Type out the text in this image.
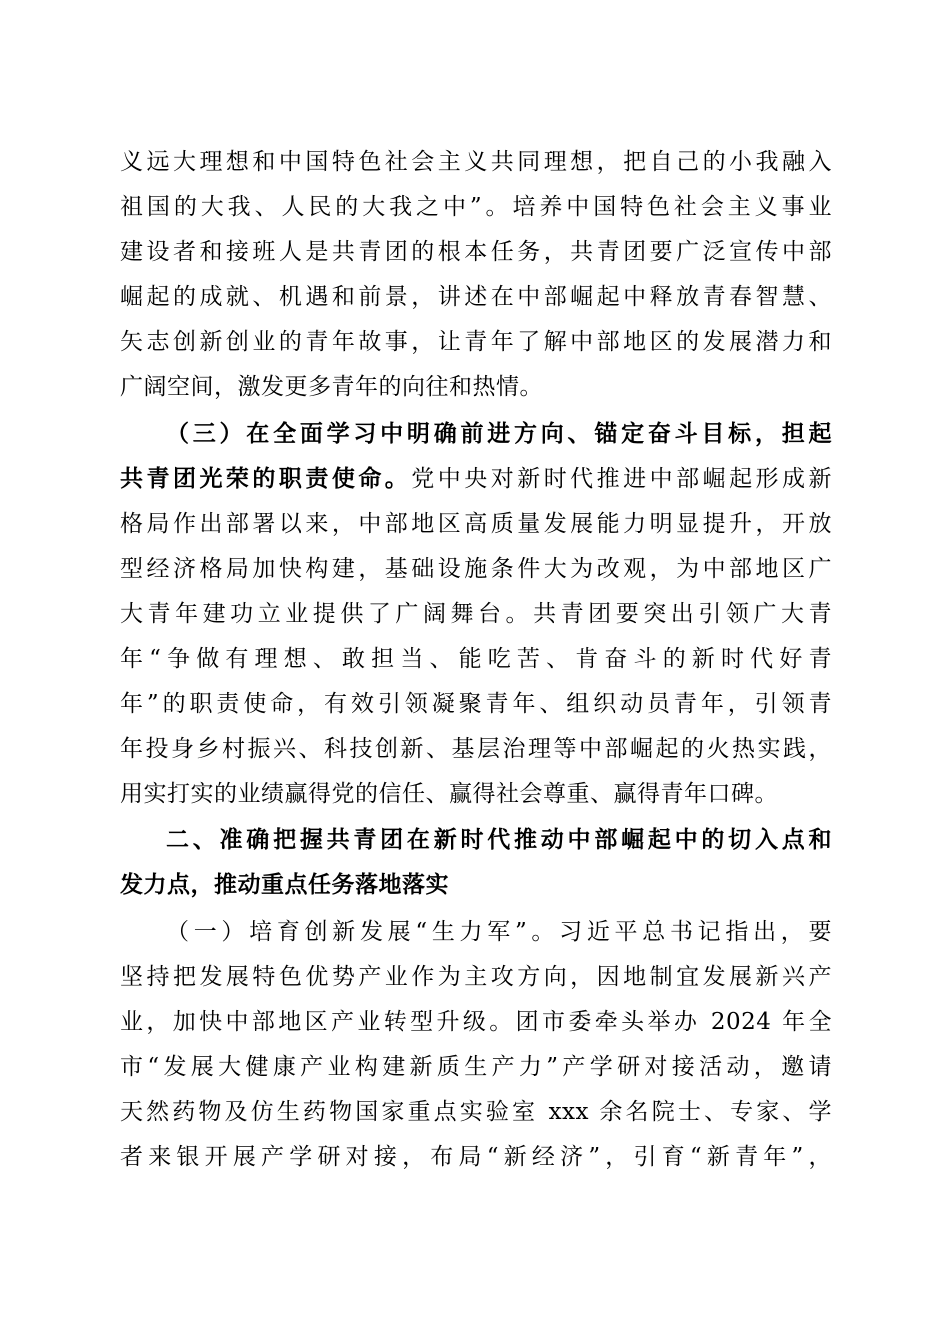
义远大理想和中国特色社会主义共同理想，把自己的小我融入
祖国的大我、人民的大我之中”。培养中国特色社会主义事业
建设者和接班人是共青团的根本任务，共青团要广泛宣传中部
崛起的成就、机遇和前景，讲述在中部崛起中释放青春智慧、
矢志创新创业的青年故事，让青年了解中部地区的发展潜力和
广阔空间，激发更多青年的向往和热情。
（三）在全面学习中明确前进方向、锚定奋斗目标，担起
共青团光荣的职责使命。党中央对新时代推进中部崛起形成新
格局作出部署以来，中部地区高质量发展能力明显提升，开放
型经济格局加快构建，基础设施条件大为改观，为中部地区广
大青年建功立业提供了广阔舞台。共青团要突出引领广大青
年“争做有理想、敢担当、能吃苦、肯奋斗的新时代好青
年”的职责使命，有效引领凝聚青年、组织动员青年，引领青
年投身乡村振兴、科技创新、基层治理等中部崛起的火热实践，
用实打实的业绩赢得党的信任、赢得社会尊重、赢得青年口碑。
二、准确把握共青团在新时代推动中部崛起中的切入点和
发力点，推动重点任务落地落实
（一）培育创新发展“生力军”。习近平总书记指出，要
坚持把发展特色优势产业作为主攻方向，因地制宜发展新兴产
业，加快中部地区产业转型升级。团市委牵头举办 2024 年全
市“发展大健康产业构建新质生产力”产学研对接活动，邀请
天然药物及仿生药物国家重点实验室 xxx 余名院士、专家、学
者来银开展产学研对接，布局“新经济”，引育“新青年”，
